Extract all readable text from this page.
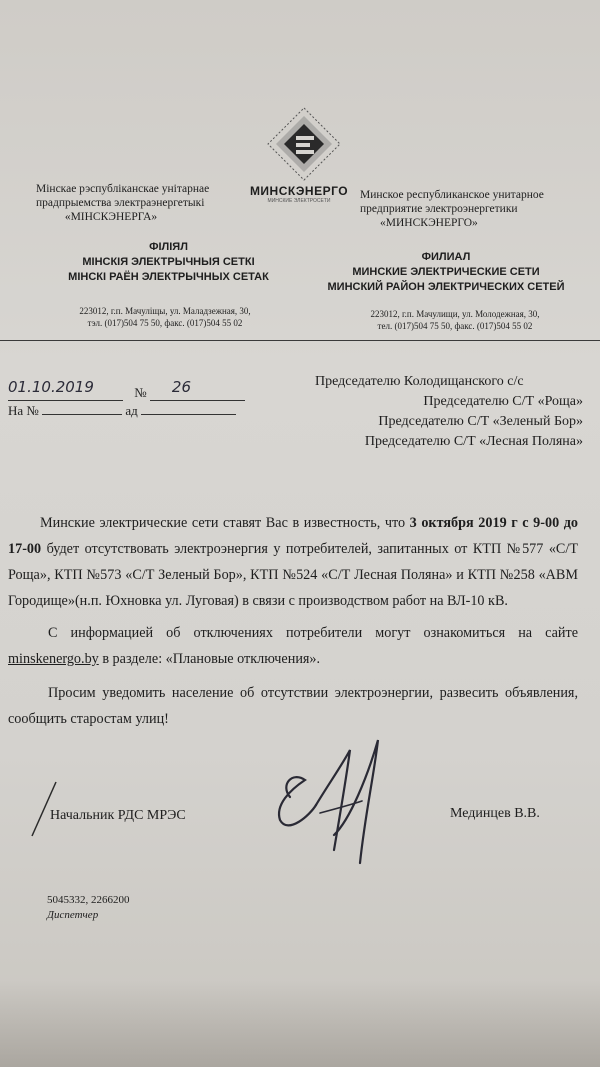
Мінскае рэспубліканскае унітарнае
прадпрыемства электраэнергетыкі
«МІНСКЭНЕРГА»
МИНСКЭНЕРГО
МИНСКИЕ ЭЛЕКТРОСЕТИ	Минское республиканское унитарное
предприятие электроэнергетики
«МИНСКЭНЕРГО»
ФІЛІЯЛ
МІНСКІЯ ЭЛЕКТРЫЧНЫЯ СЕТКІ
МІНСКІ РАЁН ЭЛЕКТРЫЧНЫХ СЕТАК
ФИЛИАЛ
МИНСКИЕ ЭЛЕКТРИЧЕСКИЕ СЕТИ
МИНСКИЙ РАЙОН ЭЛЕКТРИЧЕСКИХ СЕТЕЙ
223012, г.п. Мачуліщы, ул. Маладзежная, 30,
тэл. (017)504 75 50, факс. (017)504 55 02
223012, г.п. Мачулищи, ул. Молодежная, 30,
тел. (017)504 75 50, факс. (017)504 55 02
01.10.2019	№ 26
На №	ад
Председателю Колодищанского с/с
Председателю С/Т «Роща»
Председателю С/Т «Зеленый Бор»
Председателю С/Т «Лесная Поляна»

Минские электрические сети ставят Вас в известность, что 3 октября 2019 г с 9-00 до 17-00 будет отсутствовать электроэнергия у потребителей, запитанных от КТП №577 «С/Т Роща», КТП №573 «С/Т Зеленый Бор», КТП №524 «С/Т Лесная Поляна» и КТП №258 «АВМ Городище»(н.п. Юхновка ул. Луговая) в связи с производством работ на ВЛ-10 кВ.

С информацией об отключениях потребители могут ознакомиться на сайте minskenergo.by в разделе: «Плановые отключения».

Просим уведомить население об отсутствии электроэнергии, развесить объявления, сообщить старостам улиц!

Начальник РДС МРЭС	Мединцев В.В.
5045332, 2266200
Диспетчер
